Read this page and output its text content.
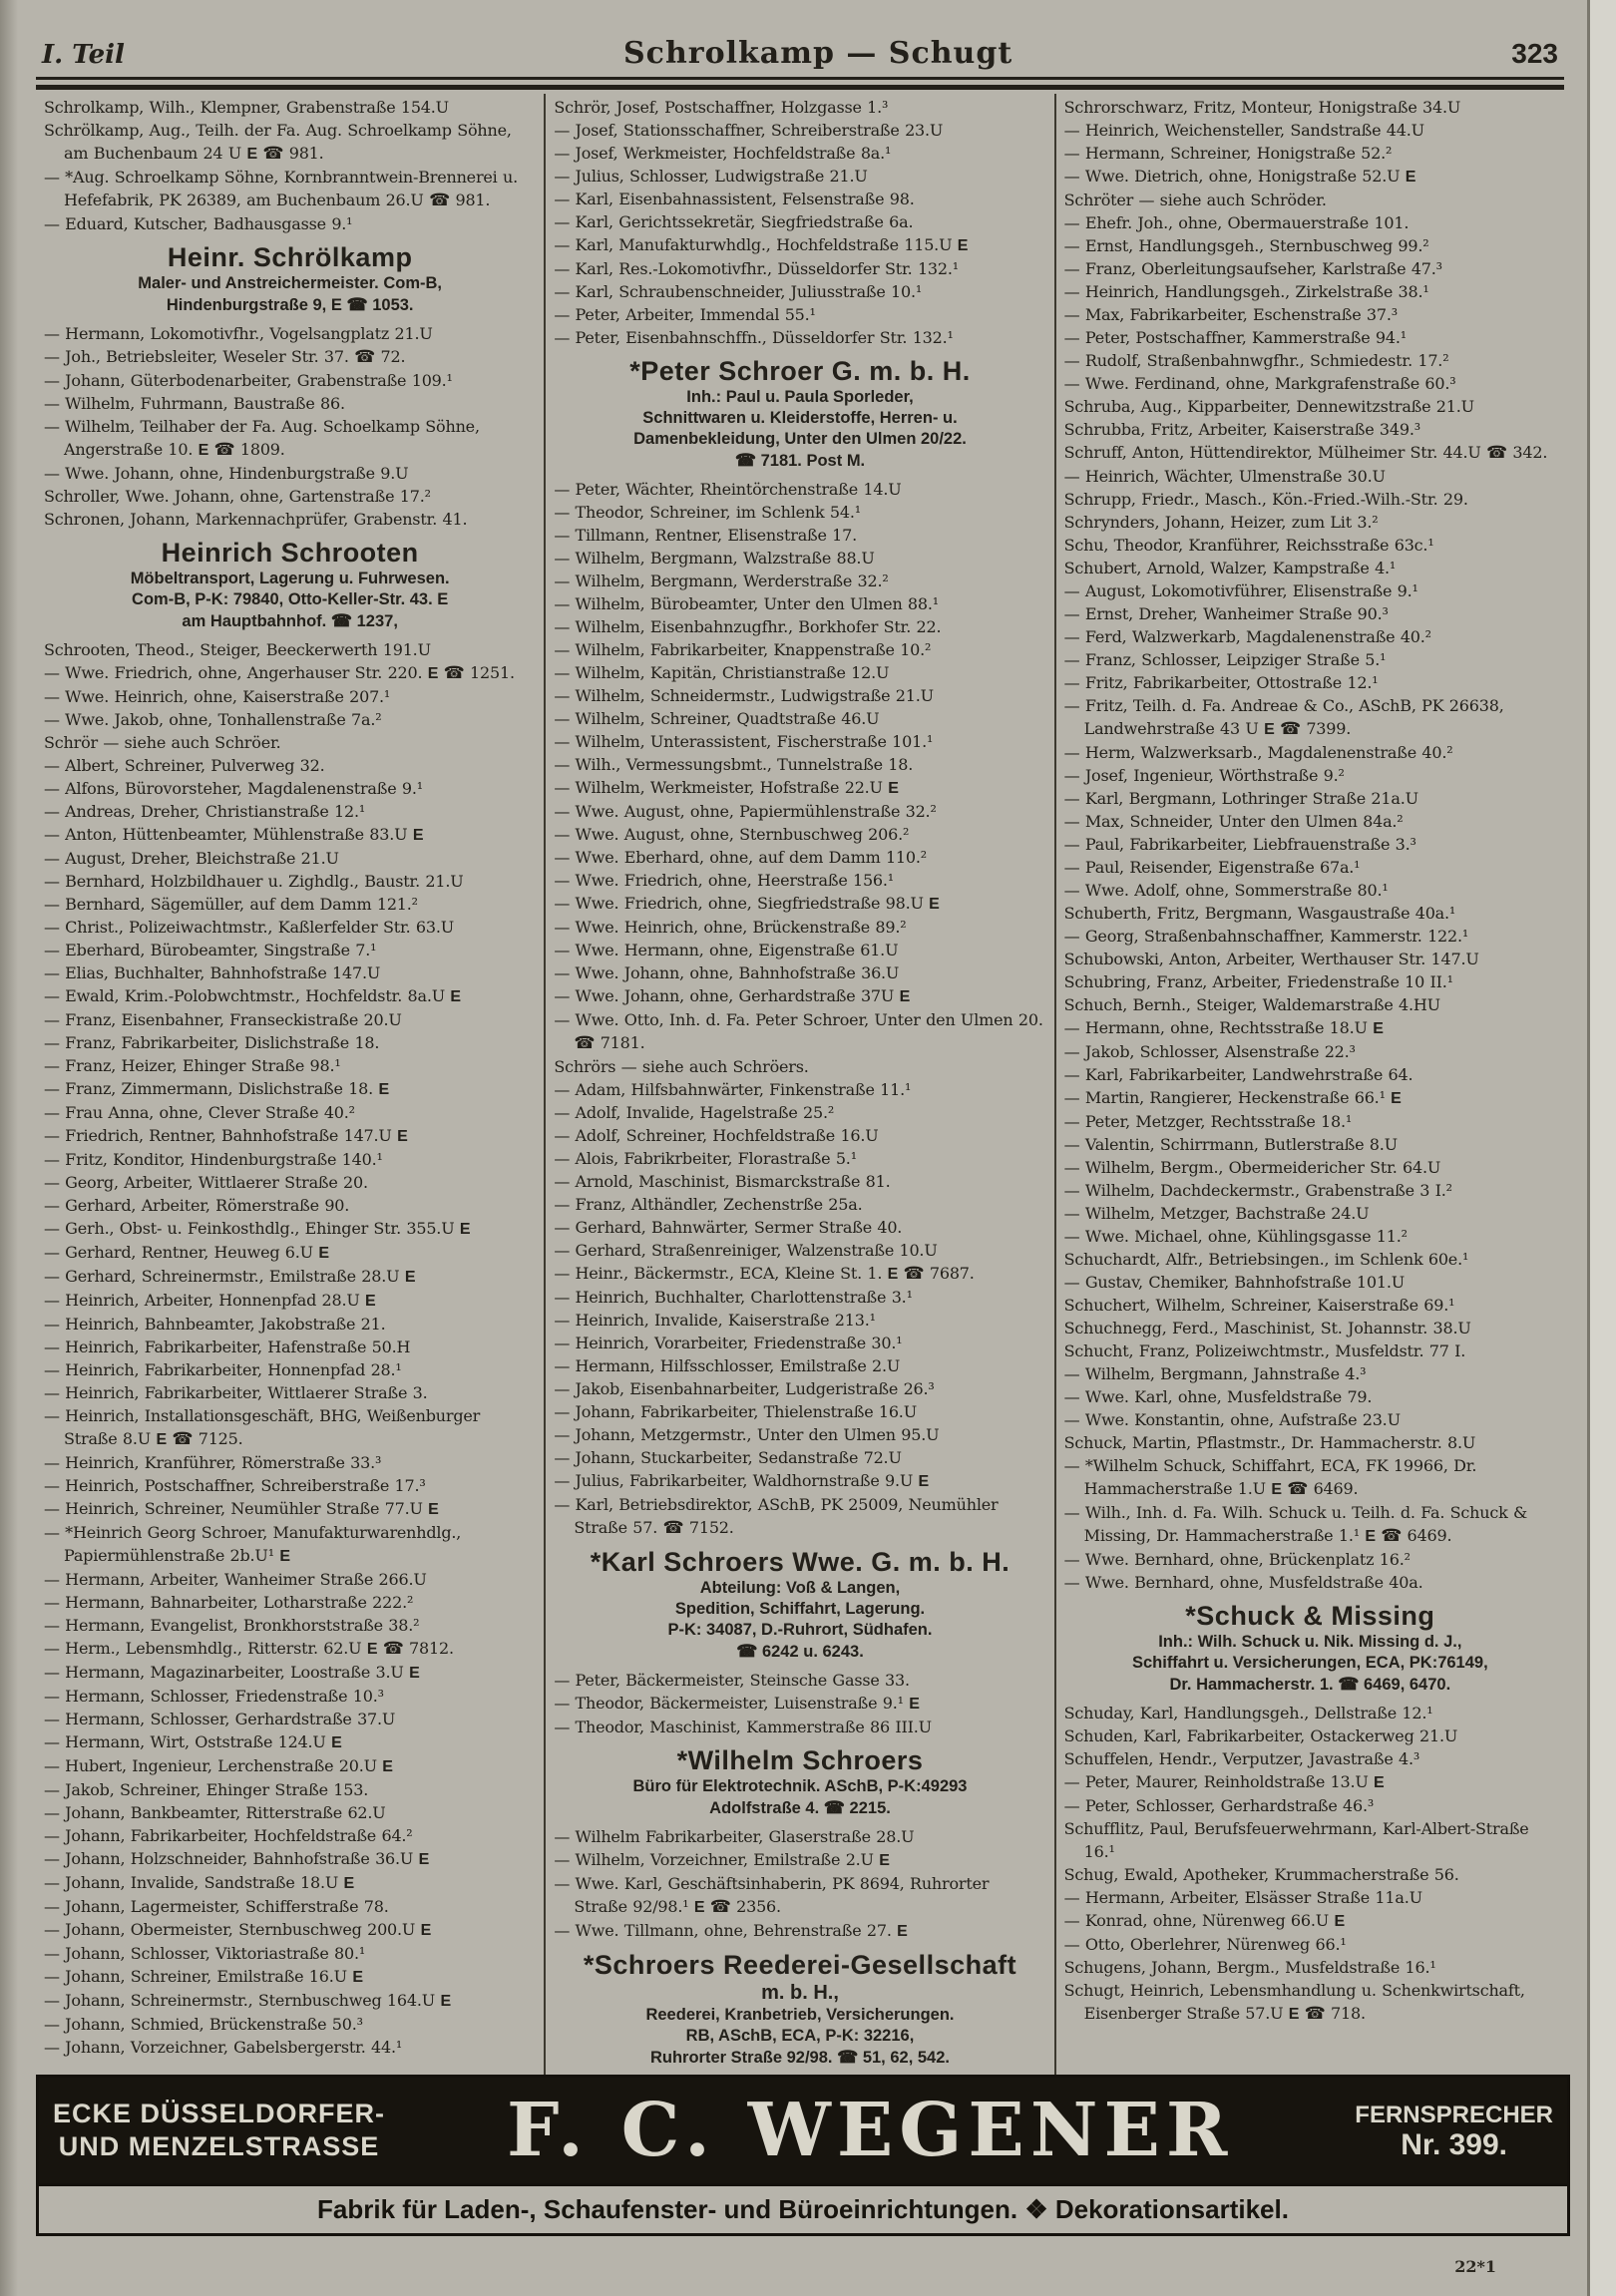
I. Teil	Schrolkamp — Schugt	323
Schrolkamp, Wilh., Klempner, Grabenstraße 154.U
Schrölkamp, Aug., Teilh. der Fa. Aug. Schroelkamp Söhne, am Buchenbaum 24 U E ☎ 981.
— *Aug. Schroelkamp Söhne, Kornbranntwein-Brennerei u. Hefefabrik, PK 26389, am Buchenbaum 26.U ☎ 981.
— Eduard, Kutscher, Badhausgasse 9.¹
Heinr. Schrölkamp
Maler- und Anstreichermeister. Com-B,
Hindenburgstraße 9, E ☎ 1053.
— Hermann, Lokomotivfhr., Vogelsangplatz 21.U
— Joh., Betriebsleiter, Weseler Str. 37. ☎ 72.
— Johann, Güterbodenarbeiter, Grabenstraße 109.¹
— Wilhelm, Fuhrmann, Baustraße 86.
— Wilhelm, Teilhaber der Fa. Aug. Schoelkamp Söhne, Angerstraße 10. E ☎ 1809.
— Wwe. Johann, ohne, Hindenburgstraße 9.U
Schroller, Wwe. Johann, ohne, Gartenstraße 17.²
Schronen, Johann, Markennachprüfer, Grabenstr. 41.
Heinrich Schrooten
Möbeltransport, Lagerung u. Fuhrwesen.
Com-B, P-K: 79840, Otto-Keller-Str. 43. E
am Hauptbahnhof. ☎ 1237,
Schrooten, Theod., Steiger, Beeckerwerth 191.U
— Wwe. Friedrich, ohne, Angerhauser Str. 220. E ☎ 1251.
— Wwe. Heinrich, ohne, Kaiserstraße 207.¹
— Wwe. Jakob, ohne, Tonhallenstraße 7a.²
Schrör — siehe auch Schröer.
— Albert, Schreiner, Pulverweg 32.
— Alfons, Bürovorsteher, Magdalenenstraße 9.¹
— Andreas, Dreher, Christianstraße 12.¹
— Anton, Hüttenbeamter, Mühlenstraße 83.U E
— August, Dreher, Bleichstraße 21.U
— Bernhard, Holzbildhauer u. Zighdlg., Baustr. 21.U
— Bernhard, Sägemüller, auf dem Damm 121.²
— Christ., Polizeiwachtmstr., Kaßlerfelder Str. 63.U
— Eberhard, Bürobeamter, Singstraße 7.¹
— Elias, Buchhalter, Bahnhofstraße 147.U
— Ewald, Krim.-Polobwchtmstr., Hochfeldstr. 8a.U E
— Franz, Eisenbahner, Franseckistraße 20.U
— Franz, Fabrikarbeiter, Dislichstraße 18.
— Franz, Heizer, Ehinger Straße 98.¹
— Franz, Zimmermann, Dislichstraße 18. E
— Frau Anna, ohne, Clever Straße 40.²
— Friedrich, Rentner, Bahnhofstraße 147.U E
— Fritz, Konditor, Hindenburgstraße 140.¹
— Georg, Arbeiter, Wittlaerer Straße 20.
— Gerhard, Arbeiter, Römerstraße 90.
— Gerh., Obst- u. Feinkosthdlg., Ehinger Str. 355.U E
— Gerhard, Rentner, Heuweg 6.U E
— Gerhard, Schreinermstr., Emilstraße 28.U E
— Heinrich, Arbeiter, Honnenpfad 28.U E
— Heinrich, Bahnbeamter, Jakobstraße 21.
— Heinrich, Fabrikarbeiter, Hafenstraße 50.H
— Heinrich, Fabrikarbeiter, Honnenpfad 28.¹
— Heinrich, Fabrikarbeiter, Wittlaerer Straße 3.
— Heinrich, Installationsgeschäft, BHG, Weißenburger Straße 8.U E ☎ 7125.
— Heinrich, Kranführer, Römerstraße 33.³
— Heinrich, Postschaffner, Schreiberstraße 17.³
— Heinrich, Schreiner, Neumühler Straße 77.U E
— *Heinrich Georg Schroer, Manufakturwarenhdlg., Papiermühlenstraße 2b.U¹ E
— Hermann, Arbeiter, Wanheimer Straße 266.U
— Hermann, Bahnarbeiter, Lotharstraße 222.²
— Hermann, Evangelist, Bronkhorststraße 38.²
— Herm., Lebensmhdlg., Ritterstr. 62.U E ☎ 7812.
— Hermann, Magazinarbeiter, Loostraße 3.U E
— Hermann, Schlosser, Friedenstraße 10.³
— Hermann, Schlosser, Gerhardstraße 37.U
— Hermann, Wirt, Oststraße 124.U E
— Hubert, Ingenieur, Lerchenstraße 20.U E
— Jakob, Schreiner, Ehinger Straße 153.
— Johann, Bankbeamter, Ritterstraße 62.U
— Johann, Fabrikarbeiter, Hochfeldstraße 64.²
— Johann, Holzschneider, Bahnhofstraße 36.U E
— Johann, Invalide, Sandstraße 18.U E
— Johann, Lagermeister, Schifferstraße 78.
— Johann, Obermeister, Sternbuschweg 200.U E
— Johann, Schlosser, Viktoriastraße 80.¹
— Johann, Schreiner, Emilstraße 16.U E
— Johann, Schreinermstr., Sternbuschweg 164.U E
— Johann, Schmied, Brückenstraße 50.³
— Johann, Vorzeichner, Gabelsbergerstr. 44.¹
Schrör, Josef, Postschaffner, Holzgasse 1.³
— Josef, Stationsschaffner, Schreiberstraße 23.U
— Josef, Werkmeister, Hochfeldstraße 8a.¹
— Julius, Schlosser, Ludwigstraße 21.U
— Karl, Eisenbahnassistent, Felsenstraße 98.
— Karl, Gerichtssekretär, Siegfriedstraße 6a.
— Karl, Manufakturwhdlg., Hochfeldstraße 115.U E
— Karl, Res.-Lokomotivfhr., Düsseldorfer Str. 132.¹
— Karl, Schraubenschneider, Juliusstraße 10.¹
— Peter, Arbeiter, Immendal 55.¹
— Peter, Eisenbahnschffn., Düsseldorfer Str. 132.¹
*Peter Schroer G. m. b. H.
Inh.: Paul u. Paula Sporleder,
Schnittwaren u. Kleiderstoffe, Herren- u.
Damenbekleidung, Unter den Ulmen 20/22.
☎ 7181. Post M.
— Peter, Wächter, Rheintörchenstraße 14.U
— Theodor, Schreiner, im Schlenk 54.¹
— Tillmann, Rentner, Elisenstraße 17.
— Wilhelm, Bergmann, Walzstraße 88.U
— Wilhelm, Bergmann, Werderstraße 32.²
— Wilhelm, Bürobeamter, Unter den Ulmen 88.¹
— Wilhelm, Eisenbahnzugfhr., Borkhofer Str. 22.
— Wilhelm, Fabrikarbeiter, Knappenstraße 10.²
— Wilhelm, Kapitän, Christianstraße 12.U
— Wilhelm, Schneidermstr., Ludwigstraße 21.U
— Wilhelm, Schreiner, Quadtstraße 46.U
— Wilhelm, Unterassistent, Fischerstraße 101.¹
— Wilh., Vermessungsbmt., Tunnelstraße 18.
— Wilhelm, Werkmeister, Hofstraße 22.U E
— Wwe. August, ohne, Papiermühlenstraße 32.²
— Wwe. August, ohne, Sternbuschweg 206.²
— Wwe. Eberhard, ohne, auf dem Damm 110.²
— Wwe. Friedrich, ohne, Heerstraße 156.¹
— Wwe. Friedrich, ohne, Siegfriedstraße 98.U E
— Wwe. Heinrich, ohne, Brückenstraße 89.²
— Wwe. Hermann, ohne, Eigenstraße 61.U
— Wwe. Johann, ohne, Bahnhofstraße 36.U
— Wwe. Johann, ohne, Gerhardstraße 37U E
— Wwe. Otto, Inh. d. Fa. Peter Schroer, Unter den Ulmen 20. ☎ 7181.
Schrörs — siehe auch Schröers.
— Adam, Hilfsbahnwärter, Finkenstraße 11.¹
— Adolf, Invalide, Hagelstraße 25.²
— Adolf, Schreiner, Hochfeldstraße 16.U
— Alois, Fabrikrbeiter, Florastraße 5.¹
— Arnold, Maschinist, Bismarckstraße 81.
— Franz, Althändler, Zechenstrße 25a.
— Gerhard, Bahnwärter, Sermer Straße 40.
— Gerhard, Straßenreiniger, Walzenstraße 10.U
— Heinr., Bäckermstr., ECA, Kleine St. 1. E ☎ 7687.
— Heinrich, Buchhalter, Charlottenstraße 3.¹
— Heinrich, Invalide, Kaiserstraße 213.¹
— Heinrich, Vorarbeiter, Friedenstraße 30.¹
— Hermann, Hilfsschlosser, Emilstraße 2.U
— Jakob, Eisenbahnarbeiter, Ludgeristraße 26.³
— Johann, Fabrikarbeiter, Thielenstraße 16.U
— Johann, Metzgermstr., Unter den Ulmen 95.U
— Johann, Stuckarbeiter, Sedanstraße 72.U
— Julius, Fabrikarbeiter, Waldhornstraße 9.U E
— Karl, Betriebsdirektor, ASchB, PK 25009, Neumühler Straße 57. ☎ 7152.
*Karl Schroers Wwe. G. m. b. H.
Abteilung: Voß & Langen,
Spedition, Schiffahrt, Lagerung.
P-K: 34087, D.-Ruhrort, Südhafen.
☎ 6242 u. 6243.
— Peter, Bäckermeister, Steinsche Gasse 33.
— Theodor, Bäckermeister, Luisenstraße 9.¹ E
— Theodor, Maschinist, Kammerstraße 86 III.U
*Wilhelm Schroers
Büro für Elektrotechnik. ASchB, P-K:49293
Adolfstraße 4. ☎ 2215.
— Wilhelm Fabrikarbeiter, Glaserstraße 28.U
— Wilhelm, Vorzeichner, Emilstraße 2.U E
— Wwe. Karl, Geschäftsinhaberin, PK 8694, Ruhrorter Straße 92/98.¹ E ☎ 2356.
— Wwe. Tillmann, ohne, Behrenstraße 27. E
*Schroers Reederei-Gesellschaft
m. b. H.,
Reederei, Kranbetrieb, Versicherungen.
RB, ASchB, ECA, P-K: 32216,
Ruhrorter Straße 92/98. ☎ 51, 62, 542.
Schrorschwarz, Fritz, Monteur, Honigstraße 34.U
— Heinrich, Weichensteller, Sandstraße 44.U
— Hermann, Schreiner, Honigstraße 52.²
— Wwe. Dietrich, ohne, Honigstraße 52.U E
Schröter — siehe auch Schröder.
— Ehefr. Joh., ohne, Obermauerstraße 101.
— Ernst, Handlungsgeh., Sternbuschweg 99.²
— Franz, Oberleitungsaufseher, Karlstraße 47.³
— Heinrich, Handlungsgeh., Zirkelstraße 38.¹
— Max, Fabrikarbeiter, Eschenstraße 37.³
— Peter, Postschaffner, Kammerstraße 94.¹
— Rudolf, Straßenbahnwgfhr., Schmiedestr. 17.²
— Wwe. Ferdinand, ohne, Markgrafenstraße 60.³
Schruba, Aug., Kipparbeiter, Dennewitzstraße 21.U
Schrubba, Fritz, Arbeiter, Kaiserstraße 349.³
Schruff, Anton, Hüttendirektor, Mülheimer Str. 44.U ☎ 342.
— Heinrich, Wächter, Ulmenstraße 30.U
Schrupp, Friedr., Masch., Kön.-Fried.-Wilh.-Str. 29.
Schrynders, Johann, Heizer, zum Lit 3.²
Schu, Theodor, Kranführer, Reichsstraße 63c.¹
Schubert, Arnold, Walzer, Kampstraße 4.¹
— August, Lokomotivführer, Elisenstraße 9.¹
— Ernst, Dreher, Wanheimer Straße 90.³
— Ferd, Walzwerkarb, Magdalenenstraße 40.²
— Franz, Schlosser, Leipziger Straße 5.¹
— Fritz, Fabrikarbeiter, Ottostraße 12.¹
— Fritz, Teilh. d. Fa. Andreae & Co., ASchB, PK 26638, Landwehrstraße 43 U E ☎ 7399.
— Herm, Walzwerksarb., Magdalenenstraße 40.²
— Josef, Ingenieur, Wörthstraße 9.²
— Karl, Bergmann, Lothringer Straße 21a.U
— Max, Schneider, Unter den Ulmen 84a.²
— Paul, Fabrikarbeiter, Liebfrauenstraße 3.³
— Paul, Reisender, Eigenstraße 67a.¹
— Wwe. Adolf, ohne, Sommerstraße 80.¹
Schuberth, Fritz, Bergmann, Wasgaustraße 40a.¹
— Georg, Straßenbahnschaffner, Kammerstr. 122.¹
Schubowski, Anton, Arbeiter, Werthauser Str. 147.U
Schubring, Franz, Arbeiter, Friedenstraße 10 II.¹
Schuch, Bernh., Steiger, Waldemarstraße 4.HU
— Hermann, ohne, Rechtsstraße 18.U E
— Jakob, Schlosser, Alsenstraße 22.³
— Karl, Fabrikarbeiter, Landwehrstraße 64.
— Martin, Rangierer, Heckenstraße 66.¹ E
— Peter, Metzger, Rechtsstraße 18.¹
— Valentin, Schirrmann, Butlerstraße 8.U
— Wilhelm, Bergm., Obermeidericher Str. 64.U
— Wilhelm, Dachdeckermstr., Grabenstraße 3 I.²
— Wilhelm, Metzger, Bachstraße 24.U
— Wwe. Michael, ohne, Kühlingsgasse 11.²
Schuchardt, Alfr., Betriebsingen., im Schlenk 60e.¹
— Gustav, Chemiker, Bahnhofstraße 101.U
Schuchert, Wilhelm, Schreiner, Kaiserstraße 69.¹
Schuchnegg, Ferd., Maschinist, St. Johannstr. 38.U
Schucht, Franz, Polizeiwchtmstr., Musfeldstr. 77 I.
— Wilhelm, Bergmann, Jahnstraße 4.³
— Wwe. Karl, ohne, Musfeldstraße 79.
— Wwe. Konstantin, ohne, Aufstraße 23.U
Schuck, Martin, Pflastmstr., Dr. Hammacherstr. 8.U
— *Wilhelm Schuck, Schiffahrt, ECA, FK 19966, Dr. Hammacherstraße 1.U E ☎ 6469.
— Wilh., Inh. d. Fa. Wilh. Schuck u. Teilh. d. Fa. Schuck & Missing, Dr. Hammacherstraße 1.¹ E ☎ 6469.
— Wwe. Bernhard, ohne, Brückenplatz 16.²
— Wwe. Bernhard, ohne, Musfeldstraße 40a.
*Schuck & Missing
Inh.: Wilh. Schuck u. Nik. Missing d. J.,
Schiffahrt u. Versicherungen, ECA, PK:76149,
Dr. Hammacherstr. 1. ☎ 6469, 6470.
Schuday, Karl, Handlungsgeh., Dellstraße 12.¹
Schuden, Karl, Fabrikarbeiter, Ostackerweg 21.U
Schuffelen, Hendr., Verputzer, Javastraße 4.³
— Peter, Maurer, Reinholdstraße 13.U E
— Peter, Schlosser, Gerhardstraße 46.³
Schufflitz, Paul, Berufsfeuerwehrmann, Karl-Albert-Straße 16.¹
Schug, Ewald, Apotheker, Krummacherstraße 56.
— Hermann, Arbeiter, Elsässer Straße 11a.U
— Konrad, ohne, Nürenweg 66.U E
— Otto, Oberlehrer, Nürenweg 66.¹
Schugens, Johann, Bergm., Musfeldstraße 16.¹
Schugt, Heinrich, Lebensmhandlung u. Schenkwirtschaft, Eisenberger Straße 57.U E ☎ 718.
ECKE DÜSSELDORFER-
UND MENZELSTRASSE	F. C. WEGENER	FERNSPRECHER
Nr. 399.
Fabrik für Laden-, Schaufenster- und Büroeinrichtungen. ❖ Dekorationsartikel.
22*1
